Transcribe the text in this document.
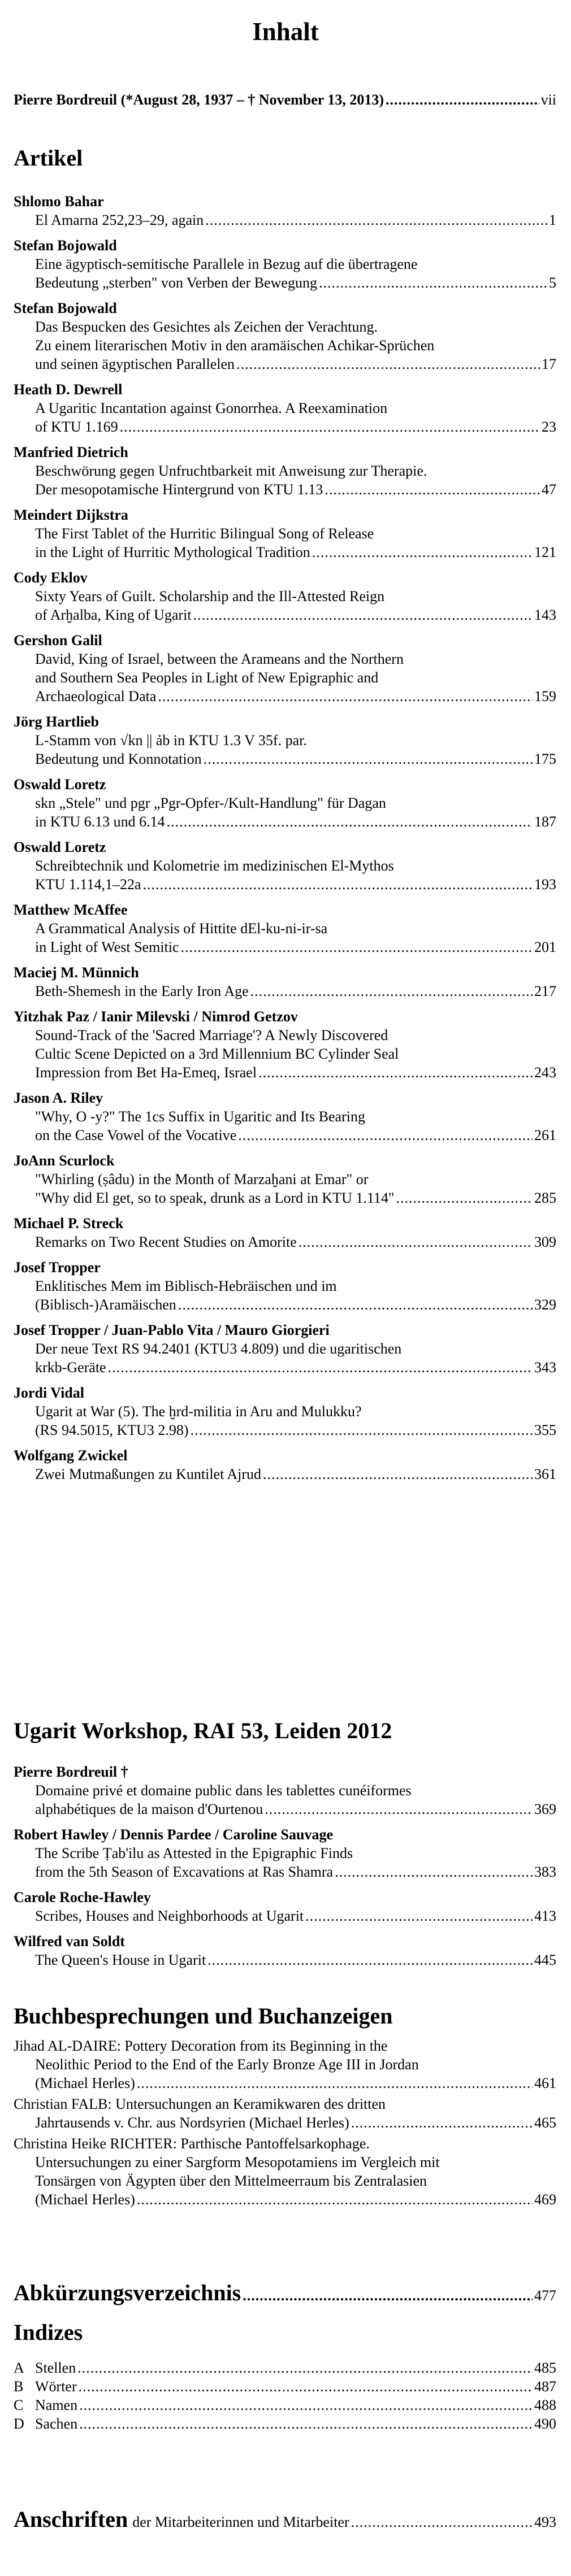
Inhalt
Pierre Bordreuil (*August 28, 1937 – † November 13, 2013) .....	vii
Artikel
Shlomo Bahar
El Amarna 252,23–29, again .....	1
Stefan Bojowald
Eine ägyptisch-semitische Parallele in Bezug auf die übertragene
Bedeutung „sterben" von Verben der Bewegung .....	5
Stefan Bojowald
Das Bespucken des Gesichtes als Zeichen der Verachtung.
Zu einem literarischen Motiv in den aramäischen Achikar-Sprüchen
und seinen ägyptischen Parallelen .....	17
Heath D. Dewrell
A Ugaritic Incantation against Gonorrhea. A Reexamination
of KTU 1.169 .....	23
Manfried Dietrich
Beschwörung gegen Unfruchtbarkeit mit Anweisung zur Therapie.
Der mesopotamische Hintergrund von KTU 1.13 .....	47
Meindert Dijkstra
The First Tablet of the Hurritic Bilingual Song of Release
in the Light of Hurritic Mythological Tradition .....	121
Cody Eklov
Sixty Years of Guilt. Scholarship and the Ill-Attested Reign
of Arḫalba, King of Ugarit .....	143
Gershon Galil
David, King of Israel, between the Arameans and the Northern
and Southern Sea Peoples in Light of New Epigraphic and
Archaeological Data .....	159
Jörg Hartlieb
L-Stamm von √kn || ảb in KTU 1.3 V 35f. par.
Bedeutung und Konnotation .....	175
Oswald Loretz
skn „Stele" und pgr „Pgr-Opfer-/Kult-Handlung" für Dagan
in KTU 6.13 und 6.14 .....	187
Oswald Loretz
Schreibtechnik und Kolometrie im medizinischen El-Mythos
KTU 1.114,1–22a .....	193
Matthew McAffee
A Grammatical Analysis of Hittite dEl-ku-ni-ir-sa
in Light of West Semitic .....	201
Maciej M. Münnich
Beth-Shemesh in the Early Iron Age .....	217
Yitzhak Paz / Ianir Milevski / Nimrod Getzov
Sound-Track of the 'Sacred Marriage'? A Newly Discovered
Cultic Scene Depicted on a 3rd Millennium BC Cylinder Seal
Impression from Bet Ha-Emeq, Israel .....	243
Jason A. Riley
"Why, O -y?" The 1cs Suffix in Ugaritic and Its Bearing
on the Case Vowel of the Vocative .....	261
JoAnn Scurlock
"Whirling (ṣâdu) in the Month of Marzaḫani at Emar" or
"Why did El get, so to speak, drunk as a Lord in KTU 1.114" .....	285
Michael P. Streck
Remarks on Two Recent Studies on Amorite .....	309
Josef Tropper
Enklitisches Mem im Biblisch-Hebräischen und im
(Biblisch-)Aramäischen .....	329
Josef Tropper / Juan-Pablo Vita / Mauro Giorgieri
Der neue Text RS 94.2401 (KTU3 4.809) und die ugaritischen
krkb-Geräte .....	343
Jordi Vidal
Ugarit at War (5). The ḫrd-militia in Aru and Mulukku?
(RS 94.5015, KTU3 2.98) .....	355
Wolfgang Zwickel
Zwei Mutmaßungen zu Kuntilet Ajrud .....	361
Ugarit Workshop, RAI 53, Leiden 2012
Pierre Bordreuil †
Domaine privé et domaine public dans les tablettes cunéiformes
alphabétiques de la maison d'Ourtenou .....	369
Robert Hawley / Dennis Pardee / Caroline Sauvage
The Scribe Ṭab'ilu as Attested in the Epigraphic Finds
from the 5th Season of Excavations at Ras Shamra .....	383
Carole Roche-Hawley
Scribes, Houses and Neighborhoods at Ugarit .....	413
Wilfred van Soldt
The Queen's House in Ugarit .....	445
Buchbesprechungen und Buchanzeigen
Jihad AL-DAIRE: Pottery Decoration from its Beginning in the
Neolithic Period to the End of the Early Bronze Age III in Jordan
(Michael Herles) .....	461
Christian FALB: Untersuchungen an Keramikwaren des dritten
Jahrtausends v. Chr. aus Nordsyrien (Michael Herles) .....	465
Christina Heike RICHTER: Parthische Pantoffelsarkophage.
Untersuchungen zu einer Sargform Mesopotamiens im Vergleich mit
Tonsärgen von Ägypten über den Mittelmeerraum bis Zentralasien
(Michael Herles) .....	469
Abkürzungsverzeichnis .....	477
Indizes
A Stellen .....	485
B Wörter .....	487
C Namen .....	488
D Sachen .....	490
Anschriften der Mitarbeiterinnen und Mitarbeiter .....	493
